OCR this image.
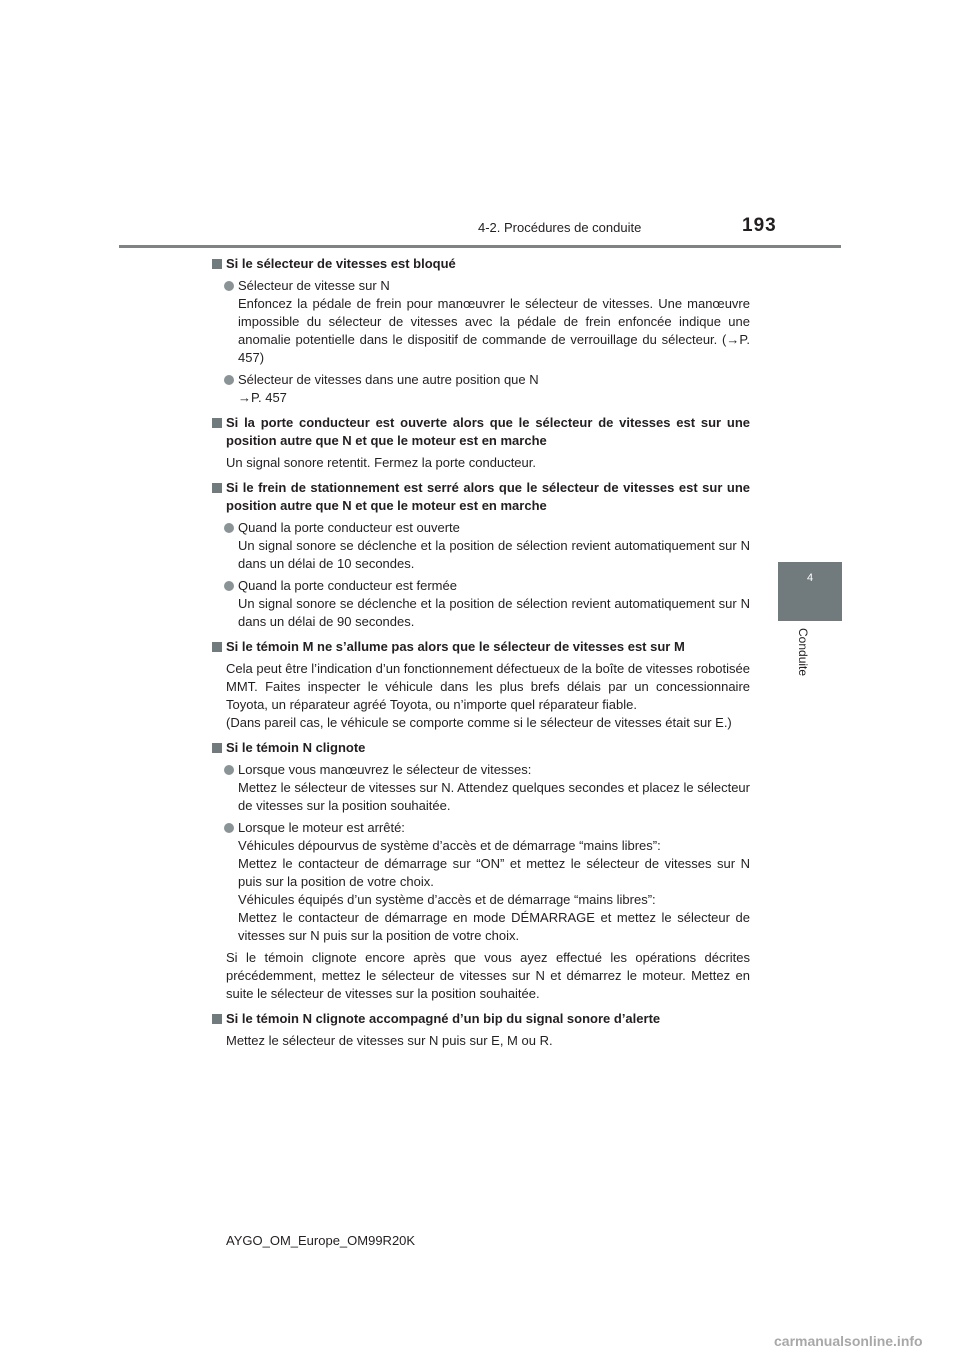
4-2. Procédures de conduite	193
4
Conduite

Si le sélecteur de vitesses est bloqué

Sélecteur de vitesse sur N

Enfoncez la pédale de frein pour manœuvrer le sélecteur de vitesses. Une manœuvre impossible du sélecteur de vitesses avec la pédale de frein enfoncée indique une anomalie potentielle dans le dispositif de commande de verrouillage du sélecteur. (→P. 457)

Sélecteur de vitesses dans une autre position que N

→P. 457

Si la porte conducteur est ouverte alors que le sélecteur de vitesses est sur une position autre que N et que le moteur est en marche

Un signal sonore retentit. Fermez la porte conducteur.

Si le frein de stationnement est serré alors que le sélecteur de vitesses est sur une position autre que N et que le moteur est en marche

Quand la porte conducteur est ouverte

Un signal sonore se déclenche et la position de sélection revient automatiquement sur N dans un délai de 10 secondes.

Quand la porte conducteur est fermée

Un signal sonore se déclenche et la position de sélection revient automatiquement sur N dans un délai de 90 secondes.

Si le témoin M ne s’allume pas alors que le sélecteur de vitesses est sur M

Cela peut être l’indication d’un fonctionnement défectueux de la boîte de vitesses robotisée MMT. Faites inspecter le véhicule dans les plus brefs délais par un concessionnaire Toyota, un réparateur agréé Toyota, ou n’importe quel réparateur fiable.

(Dans pareil cas, le véhicule se comporte comme si le sélecteur de vitesses était sur E.)

Si le témoin N clignote

Lorsque vous manœuvrez le sélecteur de vitesses:

Mettez le sélecteur de vitesses sur N. Attendez quelques secondes et placez le sélecteur de vitesses sur la position souhaitée.

Lorsque le moteur est arrêté:

Véhicules dépourvus de système d’accès et de démarrage “mains libres”:

Mettez le contacteur de démarrage sur “ON” et mettez le sélecteur de vitesses sur N puis sur la position de votre choix.

Véhicules équipés d’un système d’accès et de démarrage “mains libres”:

Mettez le contacteur de démarrage en mode DÉMARRAGE et mettez le sélecteur de vitesses sur N puis sur la position de votre choix.

Si le témoin clignote encore après que vous ayez effectué les opérations décrites précédemment, mettez le sélecteur de vitesses sur N et démarrez le moteur. Mettez en suite le sélecteur de vitesses sur la position souhaitée.

Si le témoin N clignote accompagné d’un bip du signal sonore d’alerte

Mettez le sélecteur de vitesses sur N puis sur E, M ou R.

AYGO_OM_Europe_OM99R20K
carmanualsonline.info
